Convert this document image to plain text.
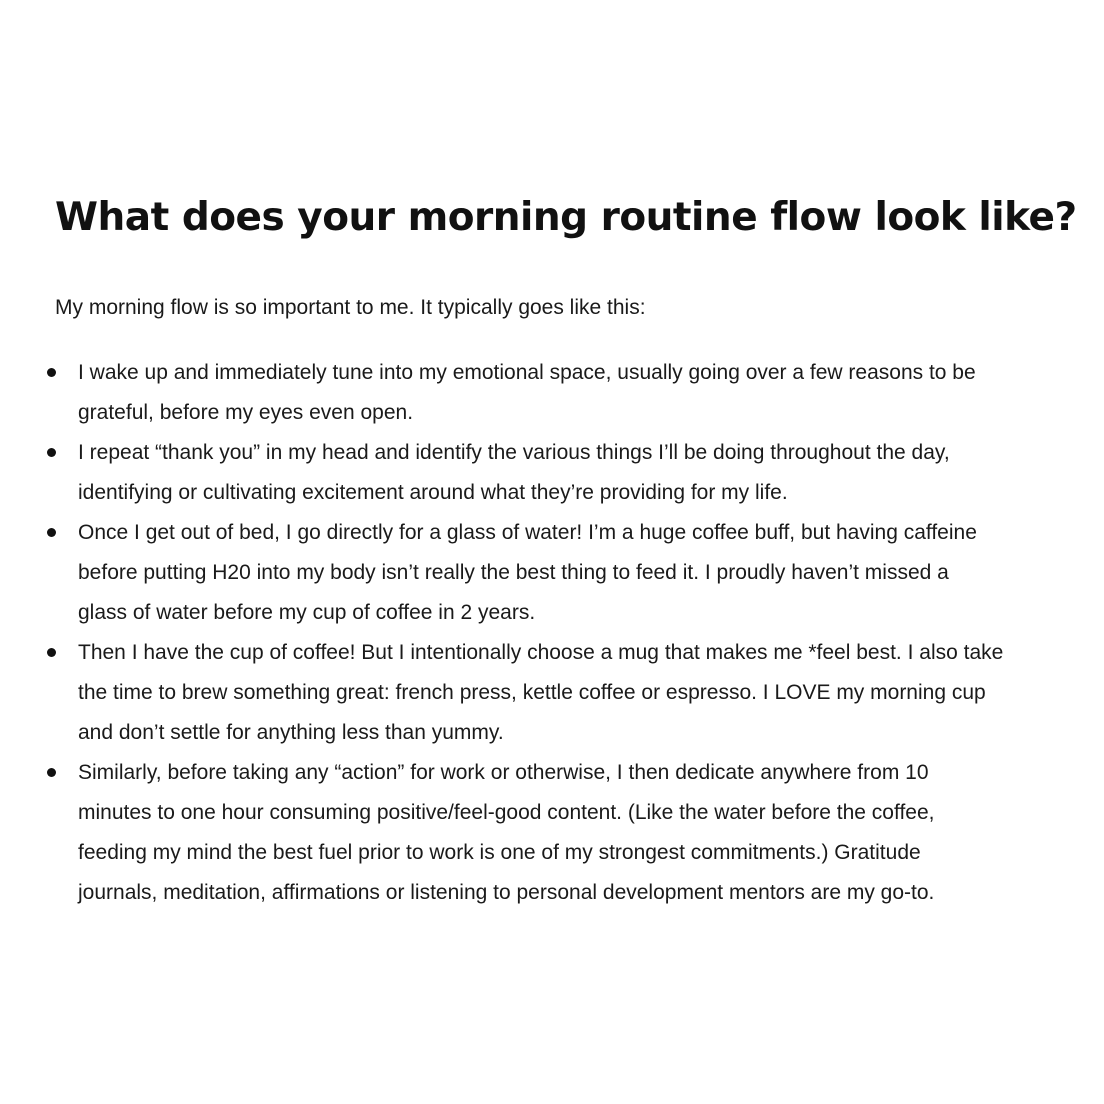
What does your morning routine flow look like?

My morning flow is so important to me. It typically goes like this:

I wake up and immediately tune into my emotional space, usually going over a few reasons to be
grateful, before my eyes even open.
I repeat “thank you” in my head and identify the various things I’ll be doing throughout the day,
identifying or cultivating excitement around what they’re providing for my life.
Once I get out of bed, I go directly for a glass of water! I’m a huge coffee buff, but having caffeine
before putting H20 into my body isn’t really the best thing to feed it. I proudly haven’t missed a
glass of water before my cup of coffee in 2 years.
Then I have the cup of coffee! But I intentionally choose a mug that makes me *feel best. I also take
the time to brew something great: french press, kettle coffee or espresso. I LOVE my morning cup
and don’t settle for anything less than yummy.
Similarly, before taking any “action” for work or otherwise, I then dedicate anywhere from 10
minutes to one hour consuming positive/feel-good content. (Like the water before the coffee,
feeding my mind the best fuel prior to work is one of my strongest commitments.) Gratitude
journals, meditation, affirmations or listening to personal development mentors are my go-to.
